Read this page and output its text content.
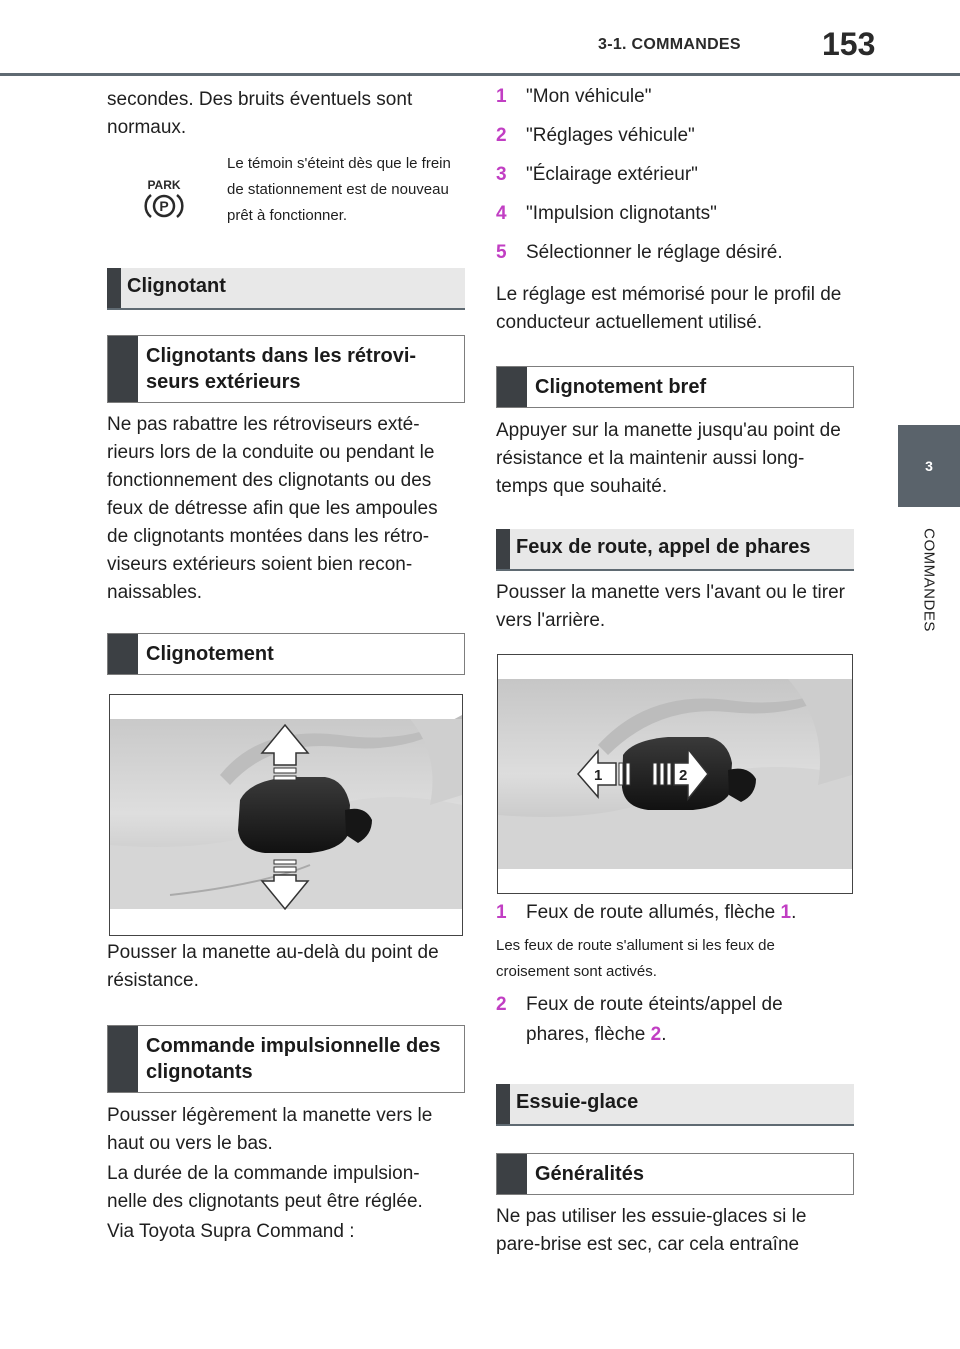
3-1. COMMANDES	153
3
COMMANDES
secondes. Des bruits éventuels sont normaux.
PARK
P
Le témoin s'éteint dès que le frein de stationnement est de nouveau prêt à fonctionner.
Clignotant
Clignotants dans les rétrovi-seurs extérieurs
Ne pas rabattre les rétroviseurs exté-rieurs lors de la conduite ou pendant le fonctionnement des clignotants ou des feux de détresse afin que les ampoules de clignotants montées dans les rétro-viseurs extérieurs soient bien recon-naissables.
Clignotement
Pousser la manette au-delà du point de résistance.
Commande impulsionnelle des clignotants
Pousser légèrement la manette vers le haut ou vers le bas.
La durée de la commande impulsion-nelle des clignotants peut être réglée.
Via Toyota Supra Command :
1 "Mon véhicule"
2 "Réglages véhicule"
3 "Éclairage extérieur"
4 "Impulsion clignotants"
5 Sélectionner le réglage désiré.
Le réglage est mémorisé pour le profil de conducteur actuellement utilisé.
Clignotement bref
Appuyer sur la manette jusqu'au point de résistance et la maintenir aussi long-temps que souhaité.
Feux de route, appel de phares
Pousser la manette vers l'avant ou le tirer vers l'arrière.
1	2
1 Feux de route allumés, flèche 1.
Les feux de route s'allument si les feux de croisement sont activés.
2 Feux de route éteints/appel de
phares, flèche 2.
Essuie-glace
Généralités
Ne pas utiliser les essuie-glaces si le pare-brise est sec, car cela entraîne
